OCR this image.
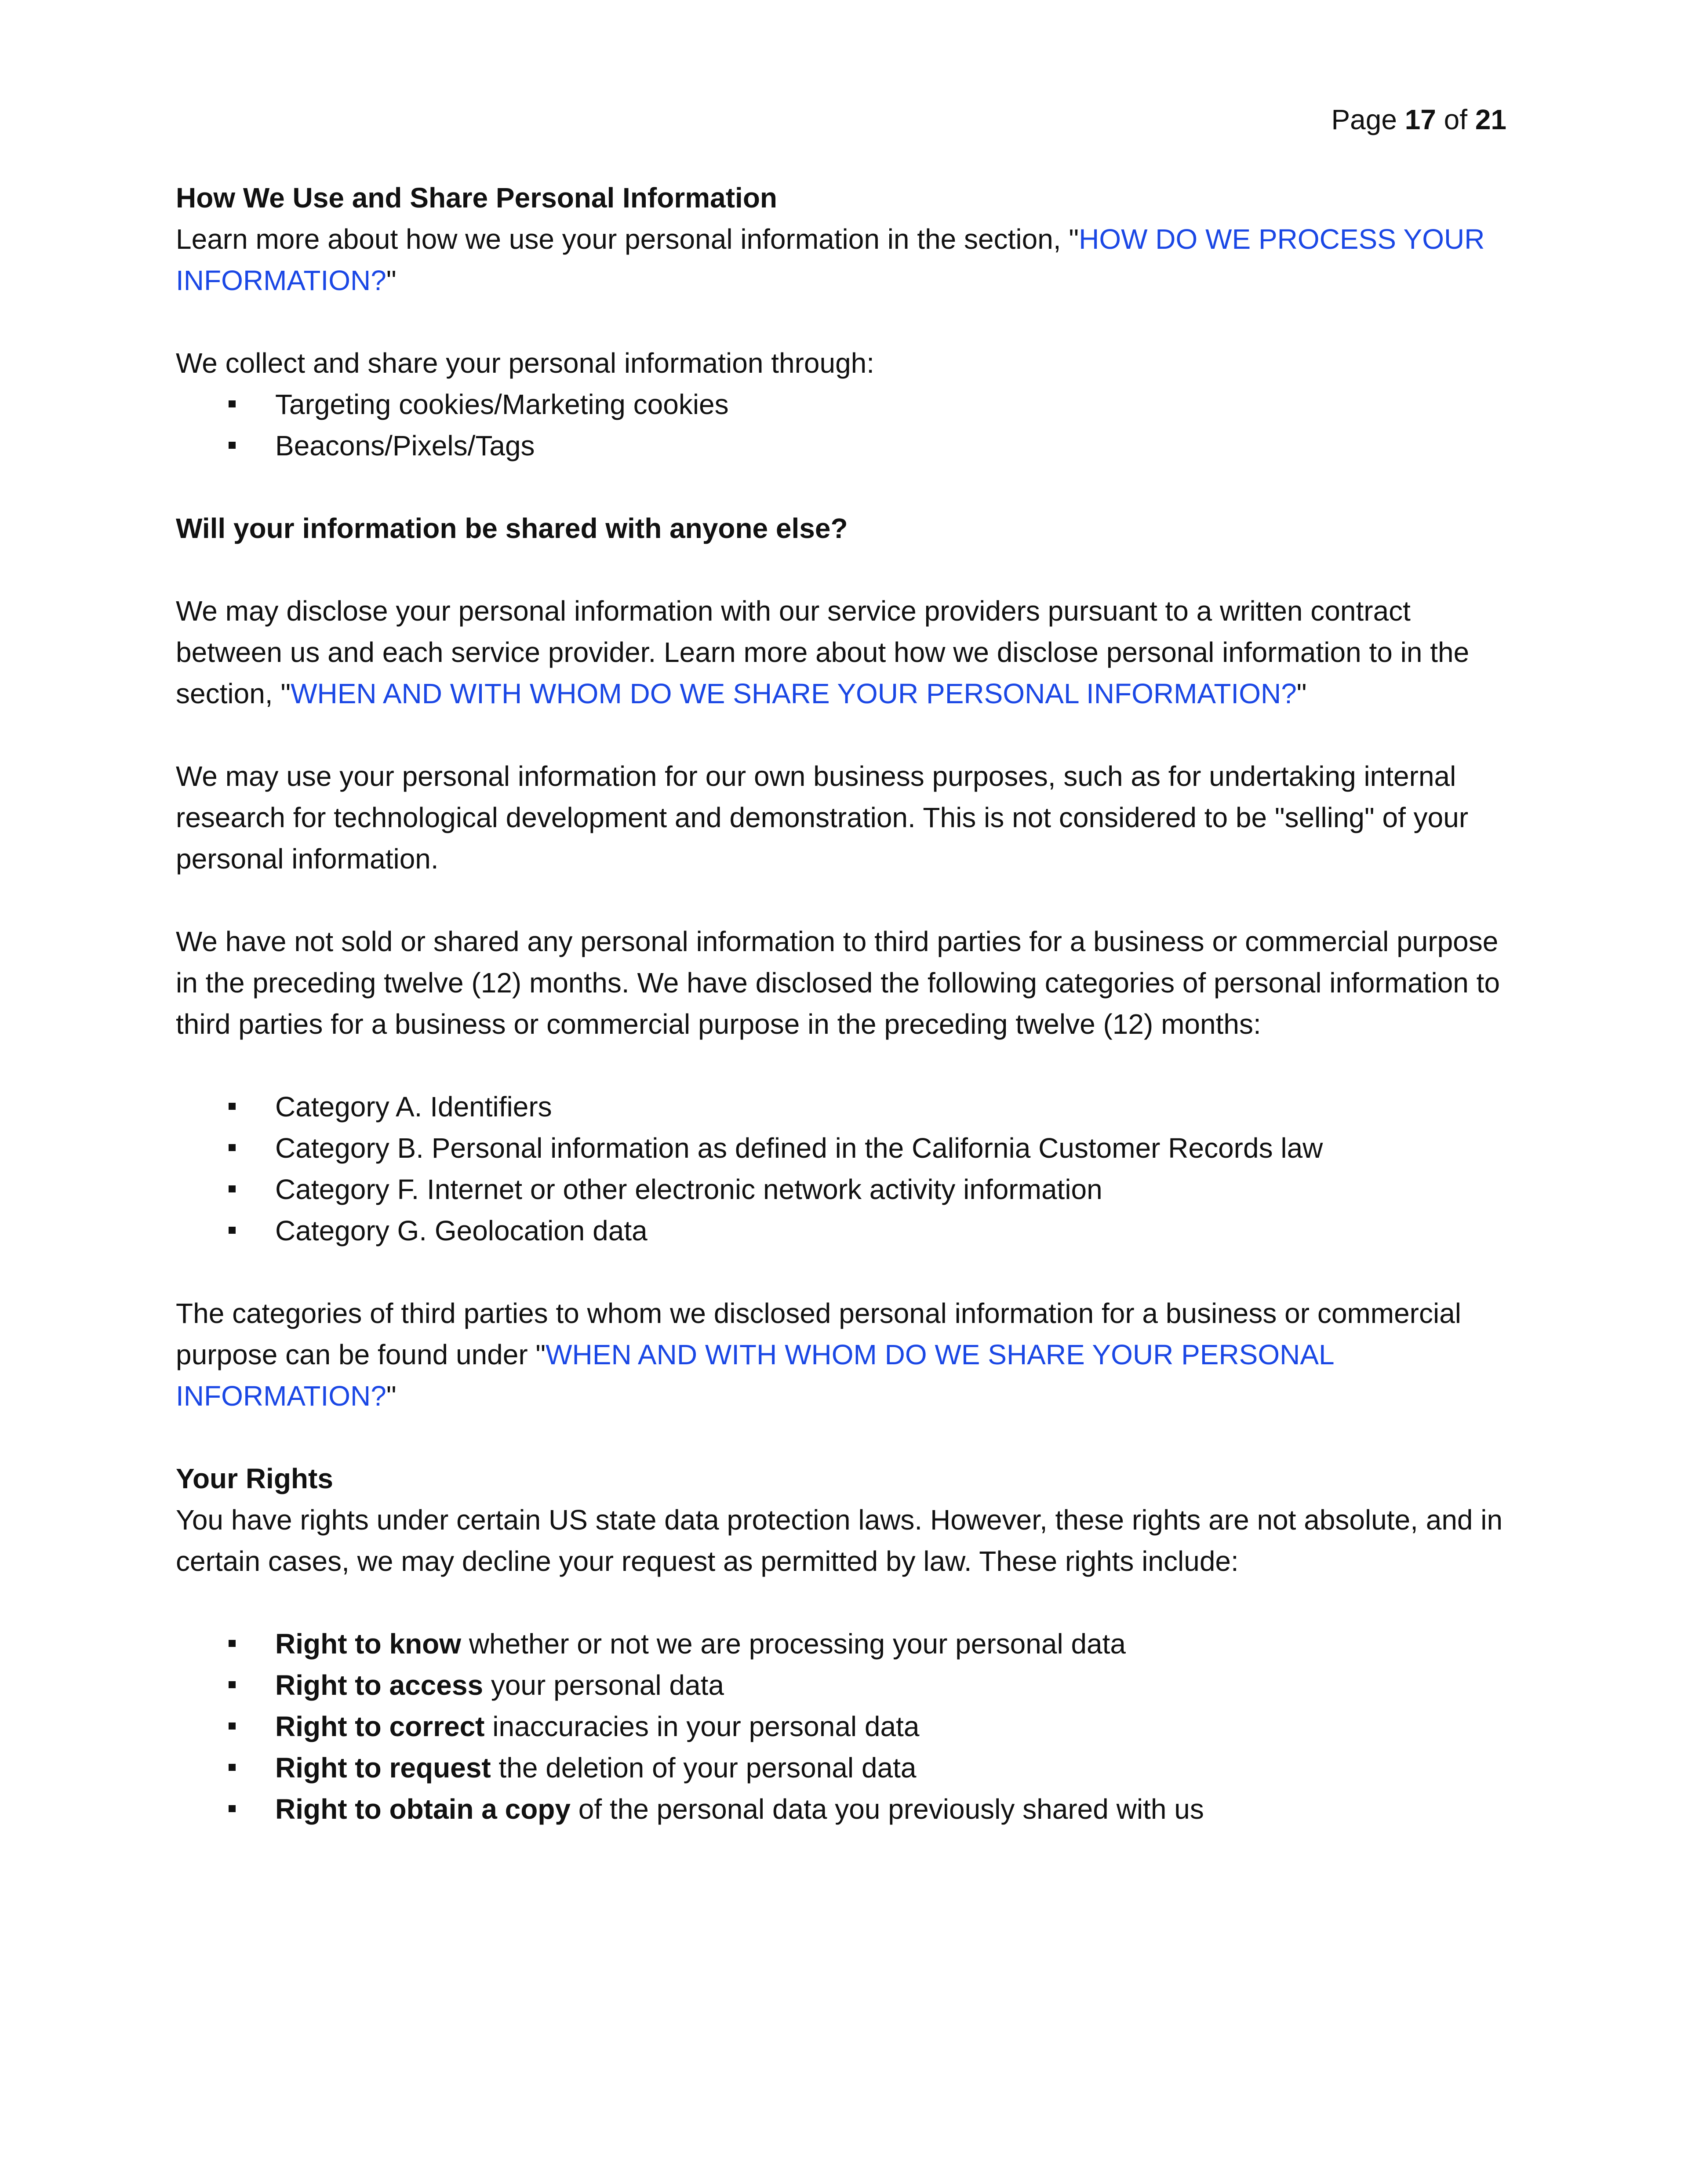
Page 17 of 21

How We Use and Share Personal Information

Learn more about how we use your personal information in the section, "HOW DO WE PROCESS YOUR INFORMATION?"

We collect and share your personal information through:

Targeting cookies/Marketing cookies
Beacons/Pixels/Tags

Will your information be shared with anyone else?

We may disclose your personal information with our service providers pursuant to a written contract between us and each service provider. Learn more about how we disclose personal information to in the section, "WHEN AND WITH WHOM DO WE SHARE YOUR PERSONAL INFORMATION?"

We may use your personal information for our own business purposes, such as for undertaking internal research for technological development and demonstration. This is not considered to be "selling" of your personal information.

We have not sold or shared any personal information to third parties for a business or commercial purpose in the preceding twelve (12) months. We have disclosed the following categories of personal information to third parties for a business or commercial purpose in the preceding twelve (12) months:

Category A. Identifiers
Category B. Personal information as defined in the California Customer Records law
Category F. Internet or other electronic network activity information
Category G. Geolocation data

The categories of third parties to whom we disclosed personal information for a business or commercial purpose can be found under "WHEN AND WITH WHOM DO WE SHARE YOUR PERSONAL INFORMATION?"

Your Rights

You have rights under certain US state data protection laws. However, these rights are not absolute, and in certain cases, we may decline your request as permitted by law. These rights include:

Right to know whether or not we are processing your personal data
Right to access your personal data
Right to correct inaccuracies in your personal data
Right to request the deletion of your personal data
Right to obtain a copy of the personal data you previously shared with us
